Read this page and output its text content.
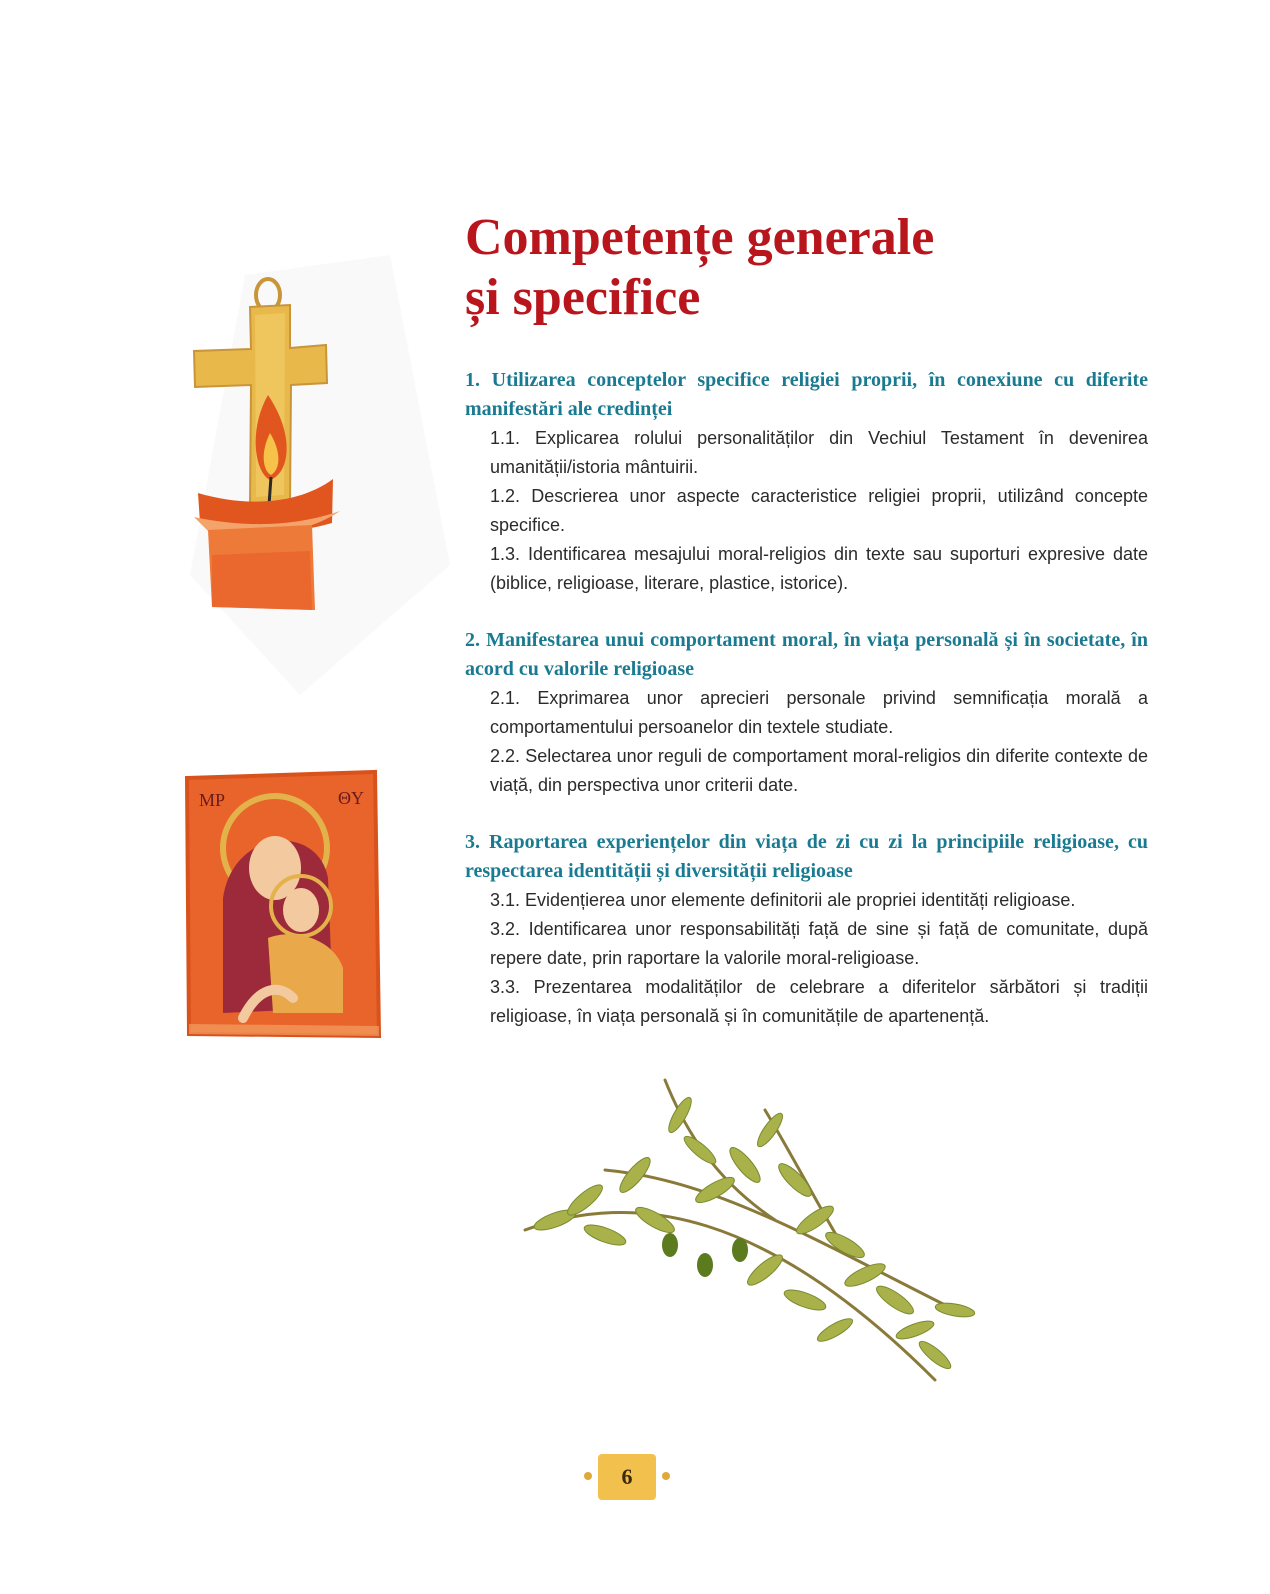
MP	ΘY
Competențe generale
și specifice

1. Utilizarea conceptelor specifice religiei proprii, în conexiune cu diferite manifestări ale credinței

1.1. Explicarea rolului personalităților din Vechiul Testament în devenirea umanității/istoria mântuirii.

1.2. Descrierea unor aspecte caracteristice religiei proprii, utilizând concepte specifice.

1.3. Identificarea mesajului moral-religios din texte sau suporturi expresive date (biblice, religioase, literare, plastice, istorice).

2. Manifestarea unui comportament moral, în viața personală și în societate, în acord cu valorile religioase

2.1. Exprimarea unor aprecieri personale privind semnificația morală a comportamentului persoanelor din textele studiate.

2.2. Selectarea unor reguli de comportament moral-religios din diferite contexte de viață, din perspectiva unor criterii date.

3. Raportarea experiențelor din viața de zi cu zi la principiile religioase, cu respectarea identității și diversității religioase

3.1. Evidențierea unor elemente definitorii ale propriei identități religioase.

3.2. Identificarea unor responsabilități față de sine și față de comunitate, după repere date, prin raportare la valorile moral-religioase.

3.3. Prezentarea modalităților de celebrare a diferitelor sărbători și tradiții religioase, în viața personală și în comunitățile de apartenență.

6
